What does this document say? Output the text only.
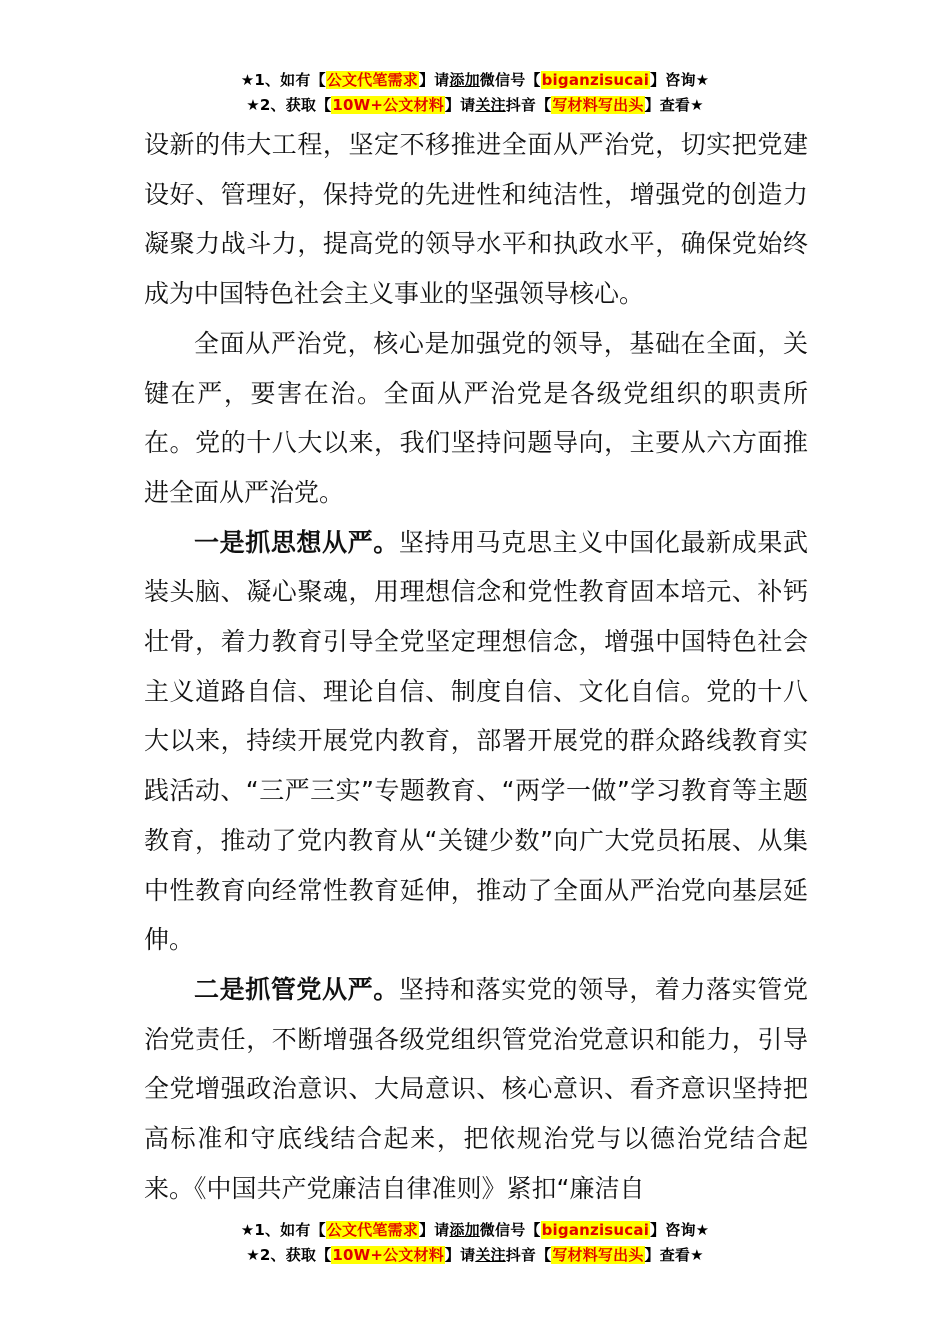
★1、如有【公文代笔需求】请添加微信号【biganzisucai】咨询★
★2、获取【10W+公文材料】请关注抖音【写材料写出头】查看★

设新的伟大工程，坚定不移推进全面从严治党，切实把党建设好、管理好，保持党的先进性和纯洁性，增强党的创造力凝聚力战斗力，提高党的领导水平和执政水平，确保党始终成为中国特色社会主义事业的坚强领导核心。

全面从严治党，核心是加强党的领导，基础在全面，关键在严，要害在治。全面从严治党是各级党组织的职责所在。党的十八大以来，我们坚持问题导向，主要从六方面推进全面从严治党。

一是抓思想从严。坚持用马克思主义中国化最新成果武装头脑、凝心聚魂，用理想信念和党性教育固本培元、补钙壮骨，着力教育引导全党坚定理想信念，增强中国特色社会主义道路自信、理论自信、制度自信、文化自信。党的十八大以来，持续开展党内教育，部署开展党的群众路线教育实践活动、“三严三实”专题教育、“两学一做”学习教育等主题教育，推动了党内教育从“关键少数”向广大党员拓展、从集中性教育向经常性教育延伸，推动了全面从严治党向基层延伸。

二是抓管党从严。坚持和落实党的领导，着力落实管党治党责任，不断增强各级党组织管党治党意识和能力，引导全党增强政治意识、大局意识、核心意识、看齐意识坚持把高标准和守底线结合起来，把依规治党与以德治党结合起来。《中国共产党廉洁自律准则》紧扣“廉洁自

★1、如有【公文代笔需求】请添加微信号【biganzisucai】咨询★
★2、获取【10W+公文材料】请关注抖音【写材料写出头】查看★
